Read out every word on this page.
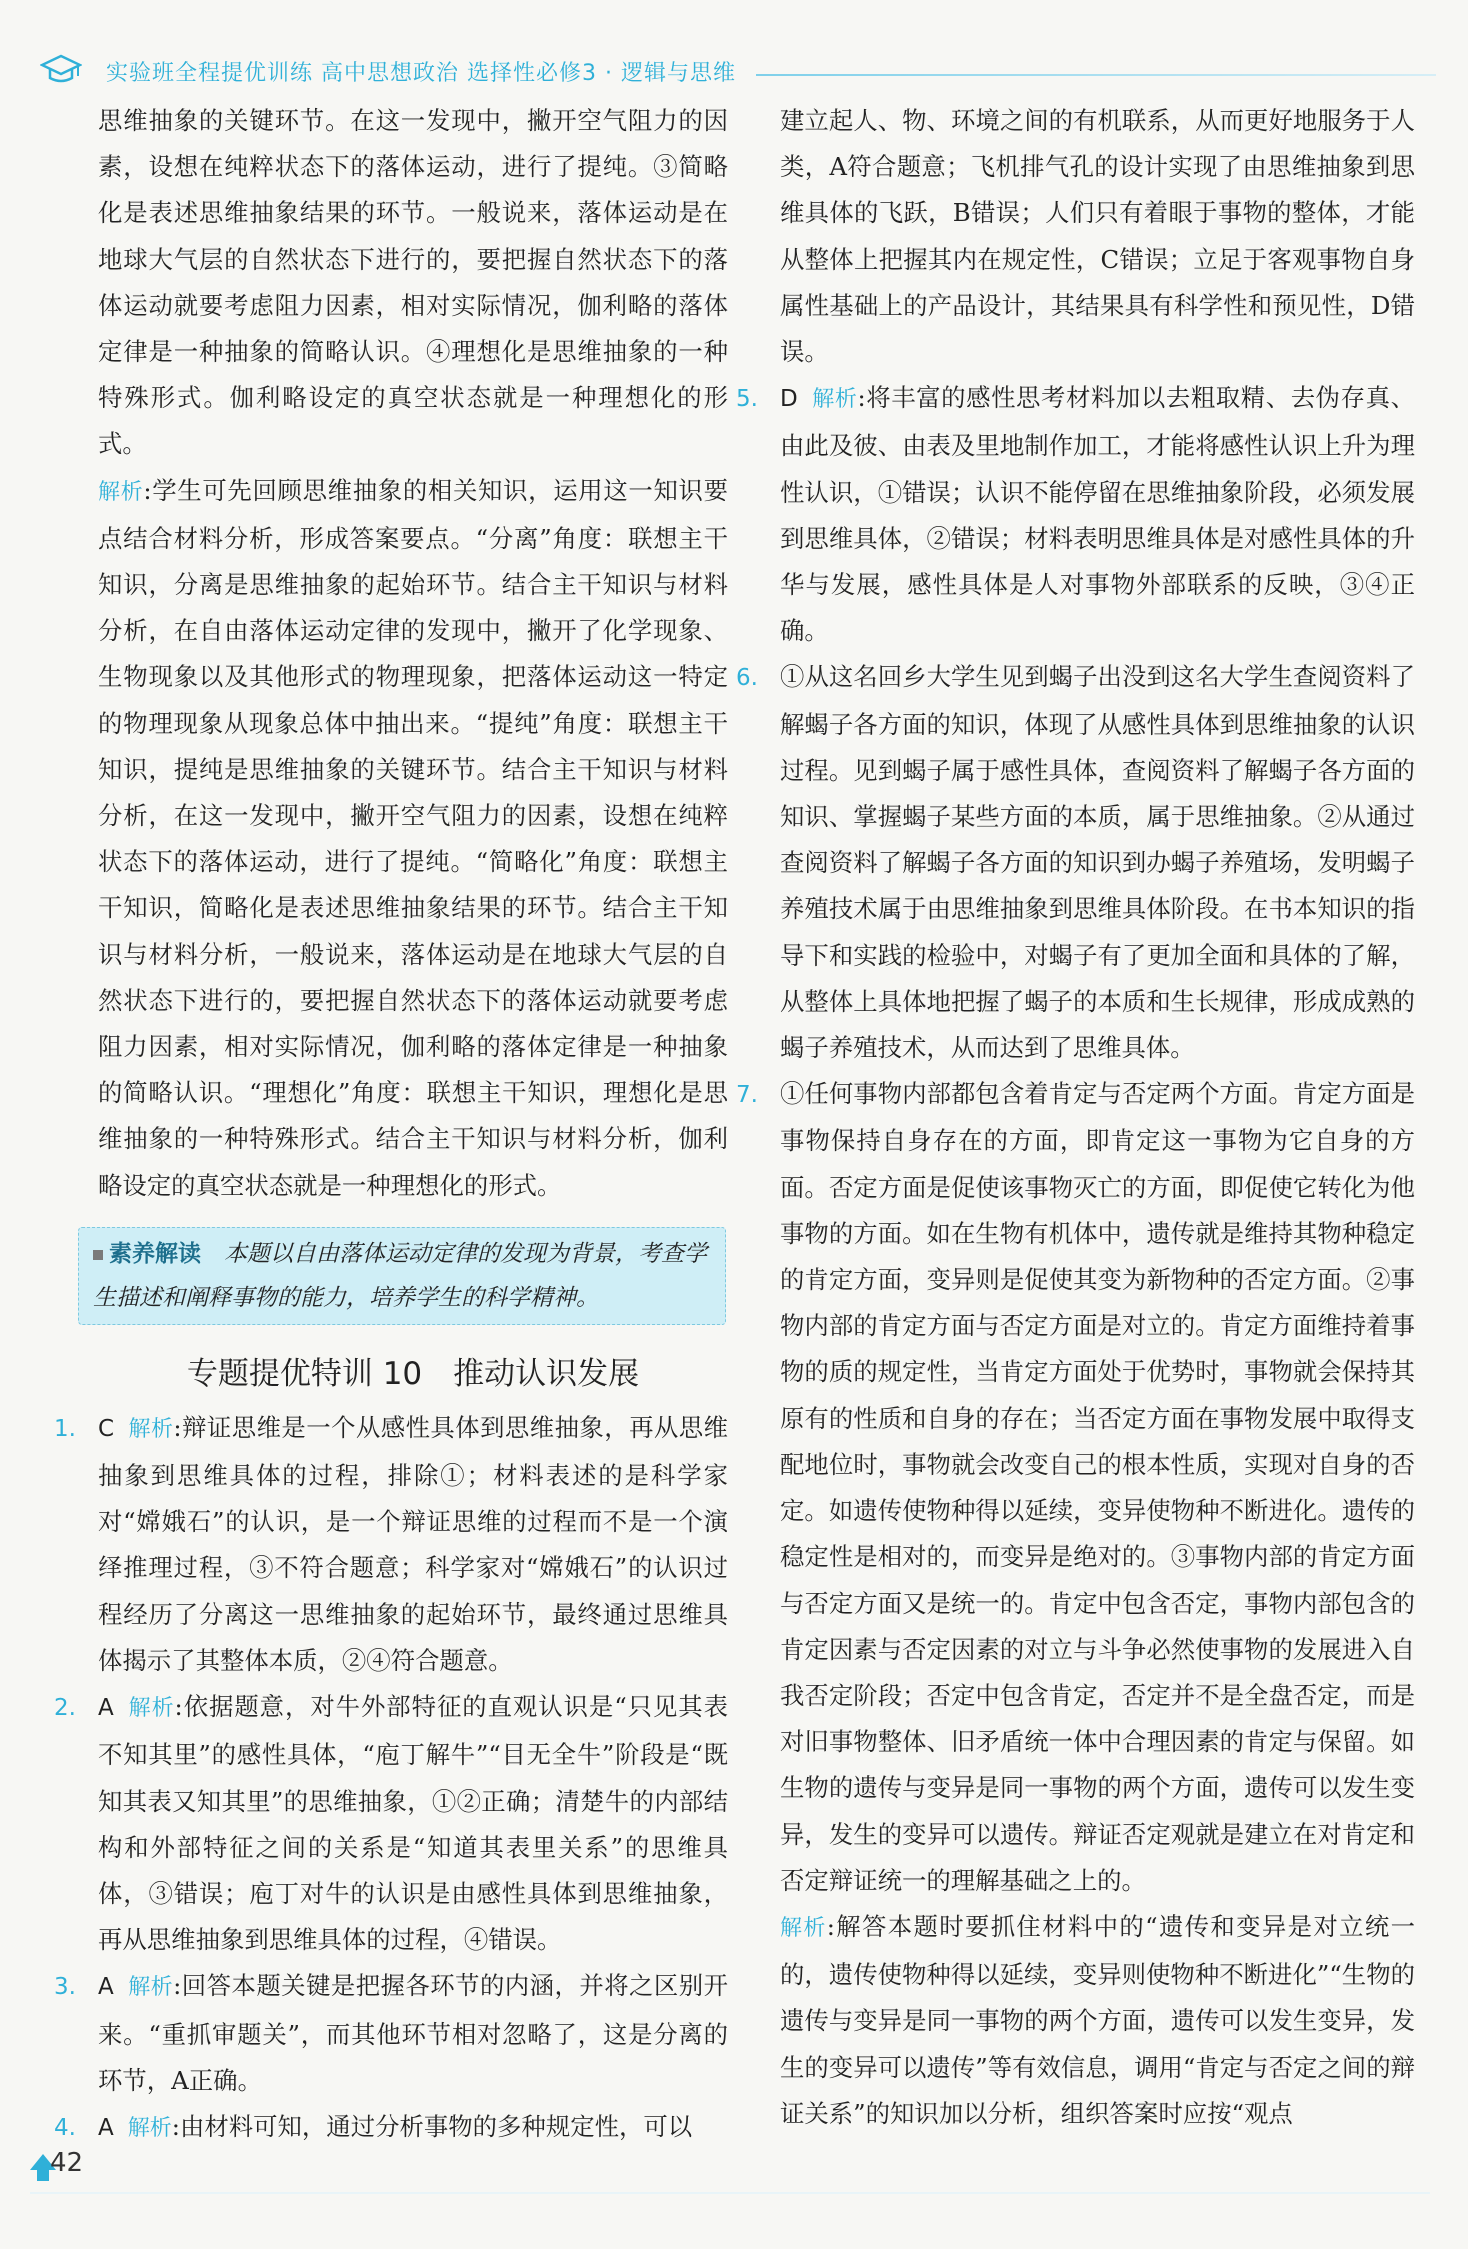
实验班全程提优训练 高中思想政治 选择性必修3 · 逻辑与思维

思维抽象的关键环节。在这一发现中，撇开空气阻力的因素，设想在纯粹状态下的落体运动，进行了提纯。③简略化是表述思维抽象结果的环节。一般说来，落体运动是在地球大气层的自然状态下进行的，要把握自然状态下的落体运动就要考虑阻力因素，相对实际情况，伽利略的落体定律是一种抽象的简略认识。④理想化是思维抽象的一种特殊形式。伽利略设定的真空状态就是一种理想化的形式。

解析:学生可先回顾思维抽象的相关知识，运用这一知识要点结合材料分析，形成答案要点。“分离”角度：联想主干知识，分离是思维抽象的起始环节。结合主干知识与材料分析，在自由落体运动定律的发现中，撇开了化学现象、生物现象以及其他形式的物理现象，把落体运动这一特定的物理现象从现象总体中抽出来。“提纯”角度：联想主干知识，提纯是思维抽象的关键环节。结合主干知识与材料分析，在这一发现中，撇开空气阻力的因素，设想在纯粹状态下的落体运动，进行了提纯。“简略化”角度：联想主干知识，简略化是表述思维抽象结果的环节。结合主干知识与材料分析，一般说来，落体运动是在地球大气层的自然状态下进行的，要把握自然状态下的落体运动就要考虑阻力因素，相对实际情况，伽利略的落体定律是一种抽象的简略认识。“理想化”角度：联想主干知识，理想化是思维抽象的一种特殊形式。结合主干知识与材料分析，伽利略设定的真空状态就是一种理想化的形式。

素养解读　 本题以自由落体运动定律的发现为背景，考查学生描述和阐释事物的能力，培养学生的科学精神。
专题提优特训 10　推动认识发展

1. C 解析:辩证思维是一个从感性具体到思维抽象，再从思维抽象到思维具体的过程，排除①；材料表述的是科学家对“嫦娥石”的认识，是一个辩证思维的过程而不是一个演绎推理过程，③不符合题意；科学家对“嫦娥石”的认识过程经历了分离这一思维抽象的起始环节，最终通过思维具体揭示了其整体本质，②④符合题意。

2. A 解析:依据题意，对牛外部特征的直观认识是“只见其表不知其里”的感性具体，“庖丁解牛”“目无全牛”阶段是“既知其表又知其里”的思维抽象，①②正确；清楚牛的内部结构和外部特征之间的关系是“知道其表里关系”的思维具体，③错误；庖丁对牛的认识是由感性具体到思维抽象，再从思维抽象到思维具体的过程，④错误。

3. A 解析:回答本题关键是把握各环节的内涵，并将之区别开来。“重抓审题关”，而其他环节相对忽略了，这是分离的环节，A正确。

4. A 解析:由材料可知，通过分析事物的多种规定性，可以

建立起人、物、环境之间的有机联系，从而更好地服务于人类，A符合题意；飞机排气孔的设计实现了由思维抽象到思维具体的飞跃，B错误；人们只有着眼于事物的整体，才能从整体上把握其内在规定性，C错误；立足于客观事物自身属性基础上的产品设计，其结果具有科学性和预见性，D错误。

5. D 解析:将丰富的感性思考材料加以去粗取精、去伪存真、由此及彼、由表及里地制作加工，才能将感性认识上升为理性认识，①错误；认识不能停留在思维抽象阶段，必须发展到思维具体，②错误；材料表明思维具体是对感性具体的升华与发展，感性具体是人对事物外部联系的反映，③④正确。

6. ①从这名回乡大学生见到蝎子出没到这名大学生查阅资料了解蝎子各方面的知识，体现了从感性具体到思维抽象的认识过程。见到蝎子属于感性具体，查阅资料了解蝎子各方面的知识、掌握蝎子某些方面的本质，属于思维抽象。②从通过查阅资料了解蝎子各方面的知识到办蝎子养殖场，发明蝎子养殖技术属于由思维抽象到思维具体阶段。在书本知识的指导下和实践的检验中，对蝎子有了更加全面和具体的了解，从整体上具体地把握了蝎子的本质和生长规律，形成成熟的蝎子养殖技术，从而达到了思维具体。

7. ①任何事物内部都包含着肯定与否定两个方面。肯定方面是事物保持自身存在的方面，即肯定这一事物为它自身的方面。否定方面是促使该事物灭亡的方面，即促使它转化为他事物的方面。如在生物有机体中，遗传就是维持其物种稳定的肯定方面，变异则是促使其变为新物种的否定方面。②事物内部的肯定方面与否定方面是对立的。肯定方面维持着事物的质的规定性，当肯定方面处于优势时，事物就会保持其原有的性质和自身的存在；当否定方面在事物发展中取得支配地位时，事物就会改变自己的根本性质，实现对自身的否定。如遗传使物种得以延续，变异使物种不断进化。遗传的稳定性是相对的，而变异是绝对的。③事物内部的肯定方面与否定方面又是统一的。肯定中包含否定，事物内部包含的肯定因素与否定因素的对立与斗争必然使事物的发展进入自我否定阶段；否定中包含肯定，否定并不是全盘否定，而是对旧事物整体、旧矛盾统一体中合理因素的肯定与保留。如生物的遗传与变异是同一事物的两个方面，遗传可以发生变异，发生的变异可以遗传。辩证否定观就是建立在对肯定和否定辩证统一的理解基础之上的。

解析:解答本题时要抓住材料中的“遗传和变异是对立统一的，遗传使物种得以延续，变异则使物种不断进化”“生物的遗传与变异是同一事物的两个方面，遗传可以发生变异，发生的变异可以遗传”等有效信息，调用“肯定与否定之间的辩证关系”的知识加以分析，组织答案时应按“观点

42
